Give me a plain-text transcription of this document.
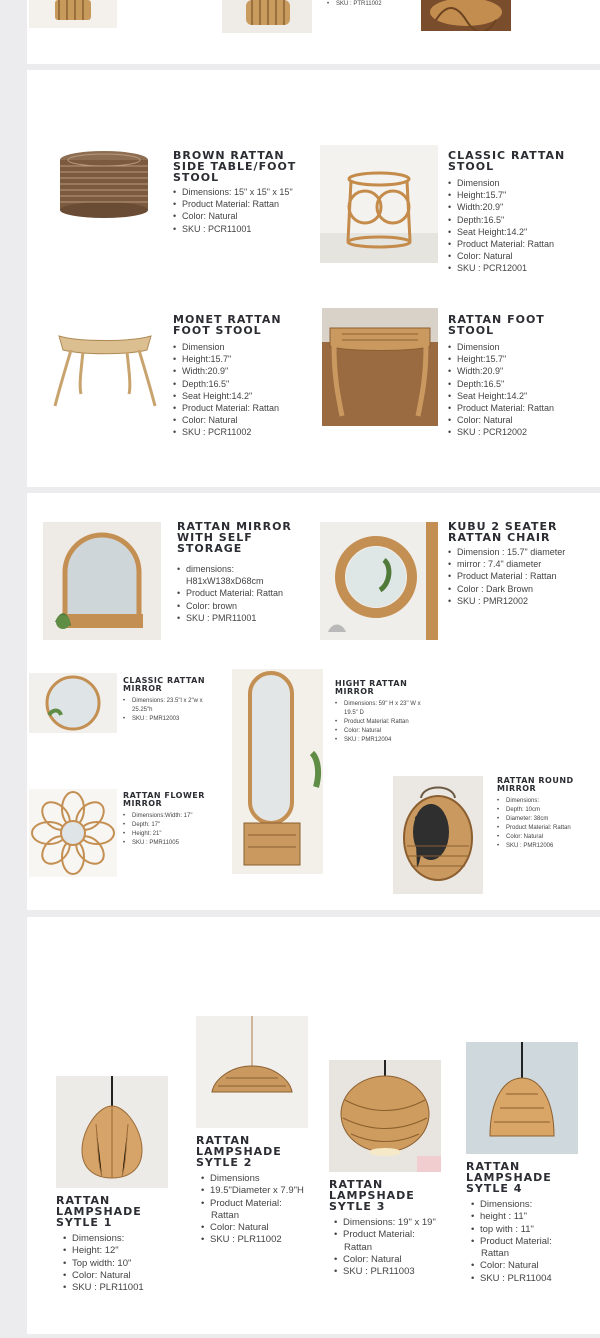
• SKU : PTR11002
BROWN RATTAN SIDE TABLE/FOOT STOOL
• Dimensions: 15" x 15" x 15"
• Product Material: Rattan
• Color: Natural
• SKU : PCR11001
CLASSIC RATTAN STOOL
• Dimension
• Height:15.7"
• Width:20.9"
• Depth:16.5"
• Seat Height:14.2"
• Product Material: Rattan
• Color: Natural
• SKU : PCR12001
MONET RATTAN FOOT STOOL
• Dimension
• Height:15.7"
• Width:20.9"
• Depth:16.5"
• Seat Height:14.2"
• Product Material: Rattan
• Color: Natural
• SKU : PCR11002
RATTAN FOOT STOOL
• Dimension
• Height:15.7"
• Width:20.9"
• Depth:16.5"
• Seat Height:14.2"
• Product Material: Rattan
• Color: Natural
• SKU : PCR12002
RATTAN MIRROR WITH SELF STORAGE
• dimensions:
H81xW138xD68cm
• Product Material: Rattan
• Color: brown
• SKU : PMR11001
KUBU 2 SEATER RATTAN CHAIR
• Dimension : 15.7" diameter
• mirror : 7.4" diameter
• Product Material : Rattan
• Color : Dark Brown
• SKU : PMR12002
CLASSIC RATTAN MIRROR
• Dimensions: 23.5"l x 2"w x 25.25"h
• SKU : PMR12003
HIGHT RATTAN MIRROR
• Dimensions: 59" H x 23" W x 19.5" D
• Product Material: Rattan
• Color: Natural
• SKU : PMR12004
RATTAN FLOWER MIRROR
• Dimensions:Width: 17"
• Depth: 17"
• Height: 21"
• SKU : PMR11005
RATTAN ROUND MIRROR
• Dimensions:
• Depth: 10cm
• Diameter: 38cm
• Product Material: Rattan
• Color: Natural
• SKU : PMR12006
RATTAN LAMPSHADE SYTLE 1
• Dimensions:
• Height: 12"
• Top width: 10"
• Color: Natural
• SKU : PLR11001
RATTAN LAMPSHADE SYTLE 2
• Dimensions
• 19.5"Diameter x 7.9"H
• Product Material:
Rattan
• Color: Natural
• SKU : PLR11002
RATTAN LAMPSHADE SYTLE 3
• Dimensions: 19" x 19"
• Product Material:
Rattan
• Color: Natural
• SKU : PLR11003
RATTAN LAMPSHADE SYTLE 4
• Dimensions:
• height : 11"
• top with : 11"
• Product Material:
Rattan
• Color: Natural
• SKU : PLR11004
